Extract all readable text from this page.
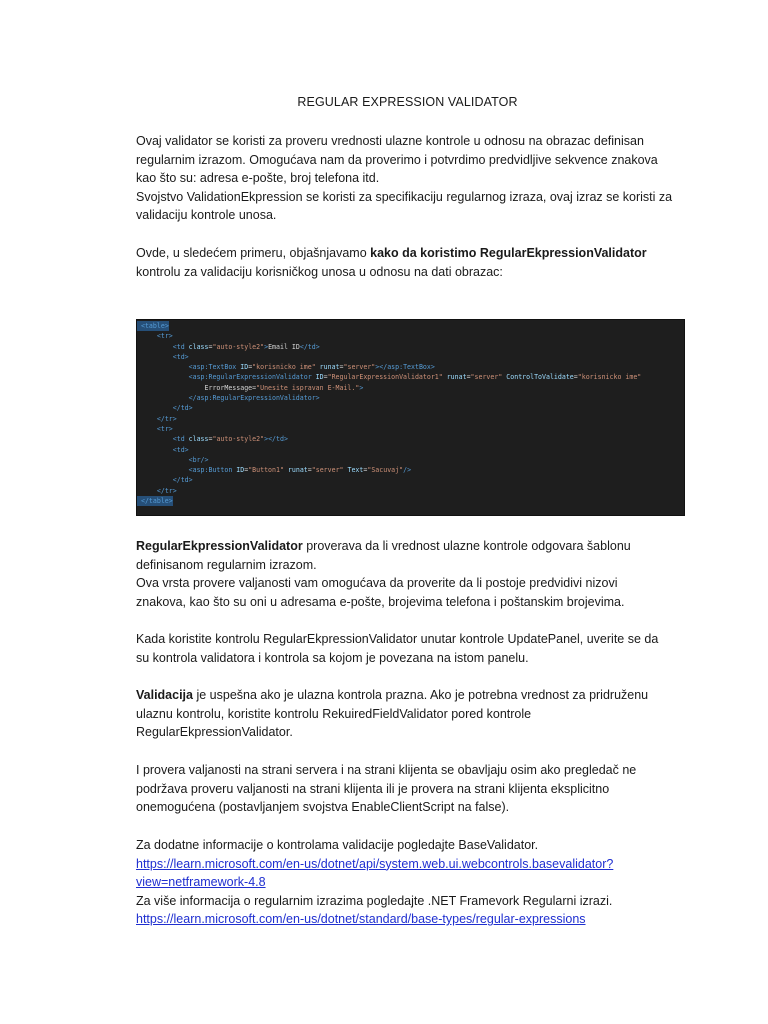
REGULAR EXPRESSION VALIDATOR
Ovaj validator se koristi za proveru vrednosti ulazne kontrole u odnosu na obrazac definisan
regularnim izrazom. Omogućava nam da proverimo i potvrdimo predvidljive sekvence znakova
kao što su: adresa e-pošte, broj telefona itd.
Svojstvo ValidationEkpression se koristi za specifikaciju regularnog izraza, ovaj izraz se koristi za
validaciju kontrole unosa.
Ovde, u sledećem primeru, objašnjavamo kako da koristimo RegularEkpressionValidator
kontrolu za validaciju korisničkog unosa u odnosu na dati obrazac:
<table>

<tr>
<td class="auto-style2">Email ID</td>
<td>
<asp:TextBox ID="korisnicko ime" runat="server"></asp:TextBox>
<asp:RegularExpressionValidator ID="RegularExpressionValidator1" runat="server" ControlToValidate="korisnicko ime"
ErrorMessage="Unesite ispravan E-Mail.">
</asp:RegularExpressionValidator>
</td>
</tr>
<tr>
<td class="auto-style2"></td>
<td>
<br/>
<asp:Button ID="Button1" runat="server" Text="Sacuvaj"/>
</td>
</tr>
</table>

RegularEkpressionValidator proverava da li vrednost ulazne kontrole odgovara šablonu
definisanom regularnim izrazom.
Ova vrsta provere valjanosti vam omogućava da proverite da li postoje predvidivi nizovi
znakova, kao što su oni u adresama e-pošte, brojevima telefona i poštanskim brojevima.
Kada koristite kontrolu RegularEkpressionValidator unutar kontrole UpdatePanel, uverite se da
su kontrola validatora i kontrola sa kojom je povezana na istom panelu.
Validacija je uspešna ako je ulazna kontrola prazna. Ako je potrebna vrednost za pridruženu
ulaznu kontrolu, koristite kontrolu RekuiredFieldValidator pored kontrole
RegularEkpressionValidator.
I provera valjanosti na strani servera i na strani klijenta se obavljaju osim ako pregledač ne
podržava proveru valjanosti na strani klijenta ili je provera na strani klijenta eksplicitno
onemogućena (postavljanjem svojstva EnableClientScript na false).
Za dodatne informacije o kontrolama validacije pogledajte BaseValidator.
https://learn.microsoft.com/en-us/dotnet/api/system.web.ui.webcontrols.basevalidator?
view=netframework-4.8
Za više informacija o regularnim izrazima pogledajte .NET Framevork Regularni izrazi.
https://learn.microsoft.com/en-us/dotnet/standard/base-types/regular-expressions
